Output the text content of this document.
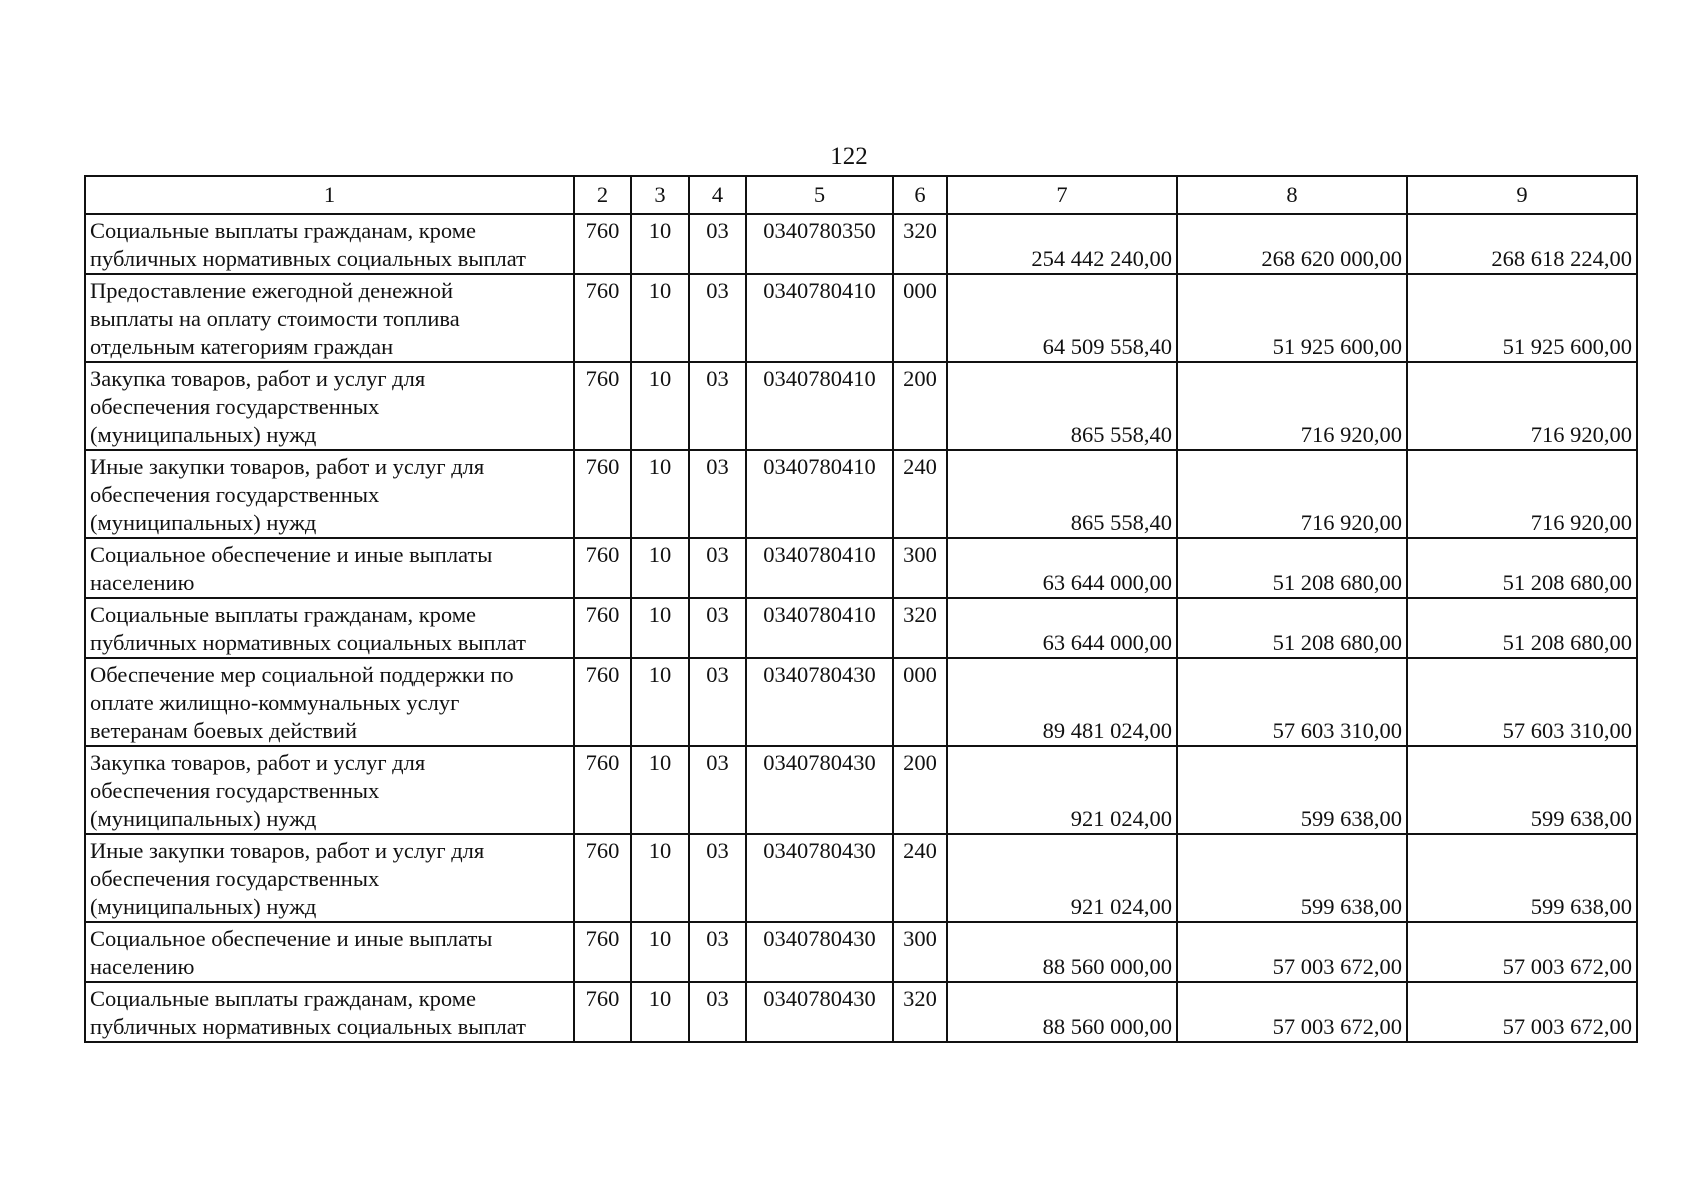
122
1	2	3	4	5	6	7	8	9
Социальные выплаты гражданам, кроме
публичных нормативных социальных выплат	760	10	03	0340780350	320	254 442 240,00	268 620 000,00	268 618 224,00
Предоставление ежегодной денежной
выплаты на оплату стоимости топлива
отдельным категориям граждан	760	10	03	0340780410	000	64 509 558,40	51 925 600,00	51 925 600,00
Закупка товаров, работ и услуг для
обеспечения государственных
(муниципальных) нужд	760	10	03	0340780410	200	865 558,40	716 920,00	716 920,00
Иные закупки товаров, работ и услуг для
обеспечения государственных
(муниципальных) нужд	760	10	03	0340780410	240	865 558,40	716 920,00	716 920,00
Социальное обеспечение и иные выплаты
населению	760	10	03	0340780410	300	63 644 000,00	51 208 680,00	51 208 680,00
Социальные выплаты гражданам, кроме
публичных нормативных социальных выплат	760	10	03	0340780410	320	63 644 000,00	51 208 680,00	51 208 680,00
Обеспечение мер социальной поддержки по
оплате жилищно-коммунальных услуг
ветеранам боевых действий	760	10	03	0340780430	000	89 481 024,00	57 603 310,00	57 603 310,00
Закупка товаров, работ и услуг для
обеспечения государственных
(муниципальных) нужд	760	10	03	0340780430	200	921 024,00	599 638,00	599 638,00
Иные закупки товаров, работ и услуг для
обеспечения государственных
(муниципальных) нужд	760	10	03	0340780430	240	921 024,00	599 638,00	599 638,00
Социальное обеспечение и иные выплаты
населению	760	10	03	0340780430	300	88 560 000,00	57 003 672,00	57 003 672,00
Социальные выплаты гражданам, кроме
публичных нормативных социальных выплат	760	10	03	0340780430	320	88 560 000,00	57 003 672,00	57 003 672,00
